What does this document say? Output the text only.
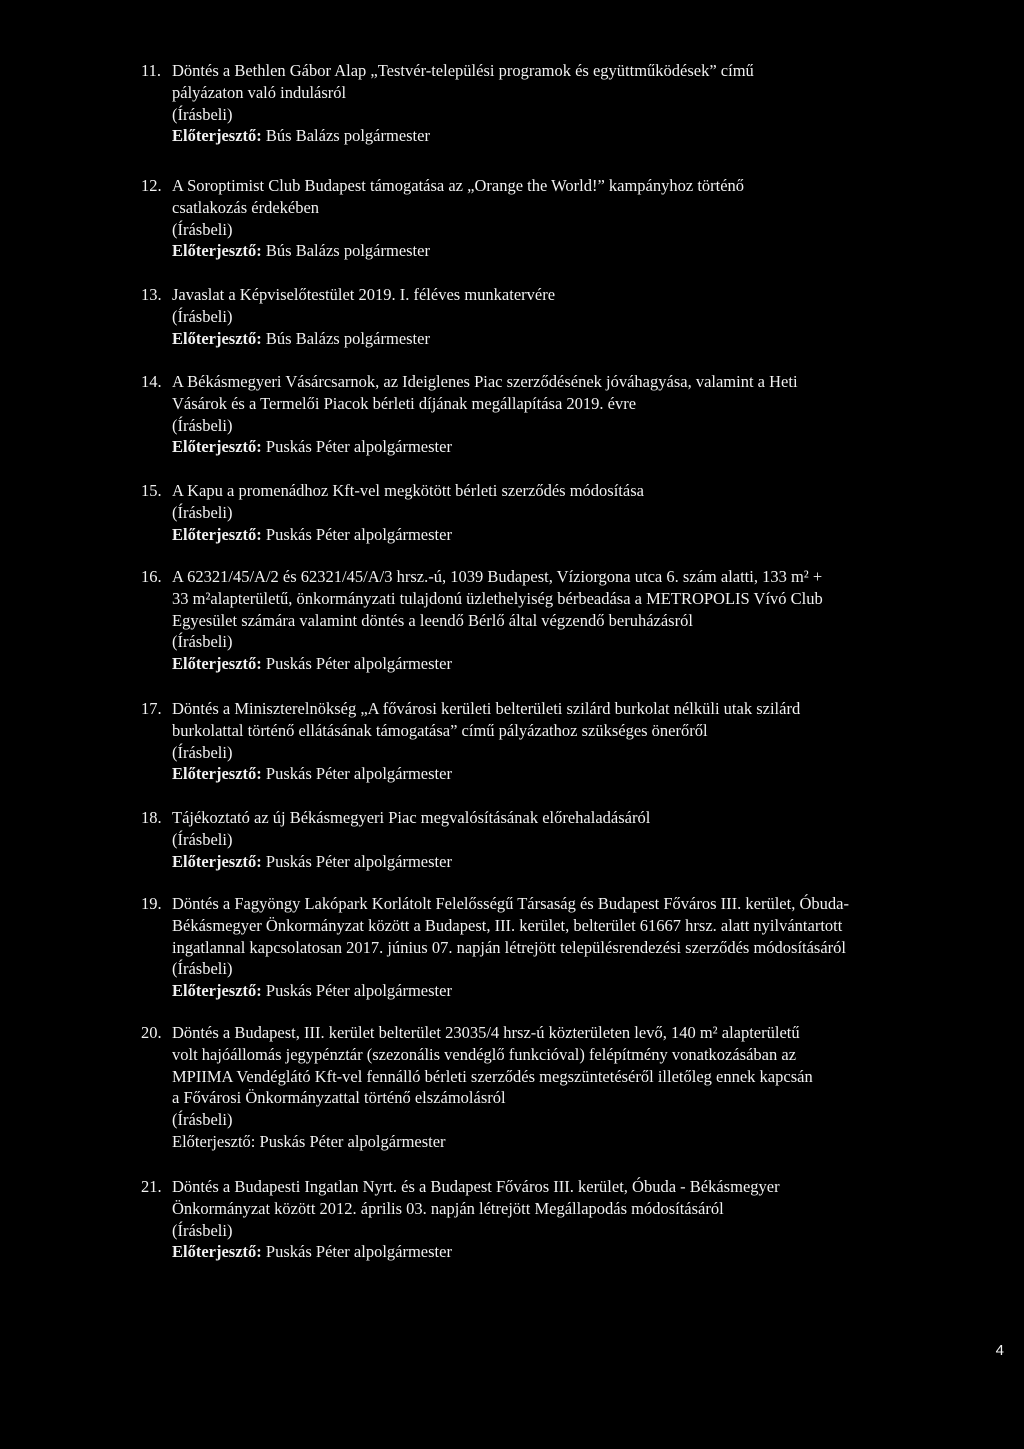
11. Döntés a Bethlen Gábor Alap „Testvér-települési programok és együttműködések” című
pályázaton való indulásról
(Írásbeli)
Előterjesztő: Bús Balázs polgármester
12. A Soroptimist Club Budapest támogatása az „Orange the World!” kampányhoz történő
csatlakozás érdekében
(Írásbeli)
Előterjesztő: Bús Balázs polgármester
13. Javaslat a Képviselőtestület 2019. I. féléves munkatervére
(Írásbeli)
Előterjesztő: Bús Balázs polgármester
14. A Békásmegyeri Vásárcsarnok, az Ideiglenes Piac szerződésének jóváhagyása, valamint a Heti
Vásárok és a Termelői Piacok bérleti díjának megállapítása 2019. évre
(Írásbeli)
Előterjesztő: Puskás Péter alpolgármester
15. A Kapu a promenádhoz Kft-vel megkötött bérleti szerződés módosítása
(Írásbeli)
Előterjesztő: Puskás Péter alpolgármester
16. A 62321/45/A/2 és 62321/45/A/3 hrsz.-ú, 1039 Budapest, Víziorgona utca 6. szám alatti, 133 m² +
33 m²alapterületű, önkormányzati tulajdonú üzlethelyiség bérbeadása a METROPOLIS Vívó Club
Egyesület számára valamint döntés a leendő Bérlő által végzendő beruházásról
(Írásbeli)
Előterjesztő: Puskás Péter alpolgármester
17. Döntés a Miniszterelnökség „A fővárosi kerületi belterületi szilárd burkolat nélküli utak szilárd
burkolattal történő ellátásának támogatása” című pályázathoz szükséges önerőről
(Írásbeli)
Előterjesztő: Puskás Péter alpolgármester
18. Tájékoztató az új Békásmegyeri Piac megvalósításának előrehaladásáról
(Írásbeli)
Előterjesztő: Puskás Péter alpolgármester
19. Döntés a Fagyöngy Lakópark Korlátolt Felelősségű Társaság és Budapest Főváros III. kerület, Óbuda-
Békásmegyer Önkormányzat között a Budapest, III. kerület, belterület 61667 hrsz. alatt nyilvántartott
ingatlannal kapcsolatosan 2017. június 07. napján létrejött településrendezési szerződés módosításáról
(Írásbeli)
Előterjesztő: Puskás Péter alpolgármester
20. Döntés a Budapest, III. kerület belterület 23035/4 hrsz-ú közterületen levő, 140 m² alapterületű
volt hajóállomás jegypénztár (szezonális vendéglő funkcióval) felépítmény vonatkozásában az
MPIIMA Vendéglátó Kft-vel fennálló bérleti szerződés megszüntetéséről illetőleg ennek kapcsán
a Fővárosi Önkormányzattal történő elszámolásról
(Írásbeli)
Előterjesztő: Puskás Péter alpolgármester
21. Döntés a Budapesti Ingatlan Nyrt. és a Budapest Főváros III. kerület, Óbuda - Békásmegyer
Önkormányzat között 2012. április 03. napján létrejött Megállapodás módosításáról
(Írásbeli)
Előterjesztő: Puskás Péter alpolgármester
4
